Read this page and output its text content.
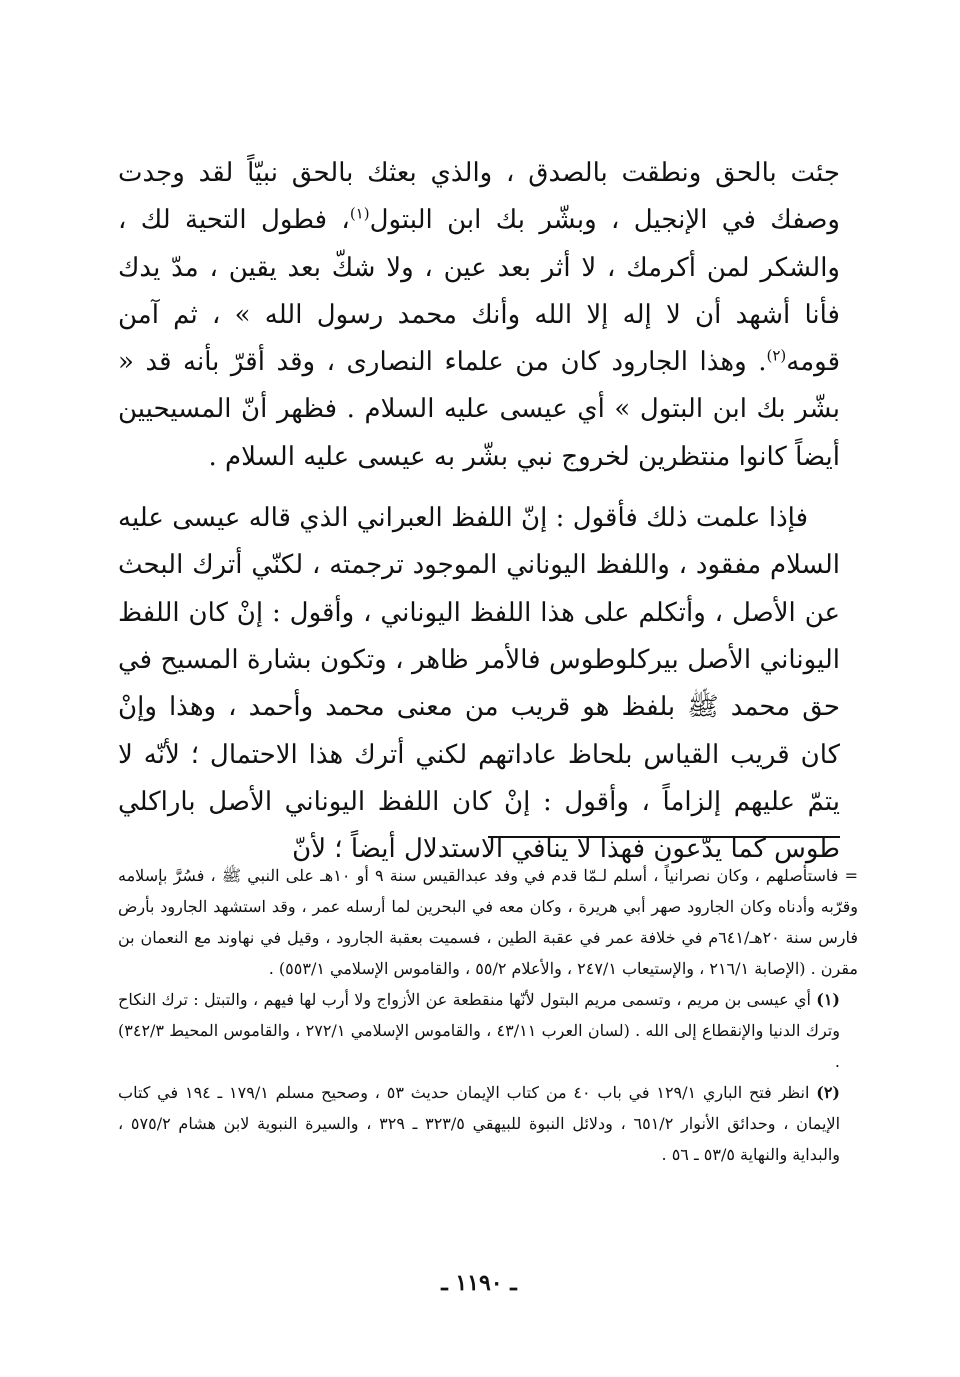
جئت بالحق ونطقت بالصدق ، والذي بعثك بالحق نبيّاً لقد وجدت وصفك في الإنجيل ، وبشّر بك ابن البتول$^{(١)}$، فطول التحية لك ، والشكر لمن أكرمك ، لا أثر بعد عين ، ولا شكّ بعد يقين ، مدّ يدك فأنا أشهد أن لا إله إلا الله وأنك محمد رسول الله » ، ثم آمن قومه$^{(٢)}$. وهذا الجارود كان من علماء النصارى ، وقد أقرّ بأنه قد « بشّر بك ابن البتول » أي عيسى عليه السلام . فظهر أنّ المسيحيين أيضاً كانوا منتظرين لخروج نبي بشّر به عيسى عليه السلام .

فإذا علمت ذلك فأقول : إنّ اللفظ العبراني الذي قاله عيسى عليه السلام مفقود ، واللفظ اليوناني الموجود ترجمته ، لكنّي أترك البحث عن الأصل ، وأتكلم على هذا اللفظ اليوناني ، وأقول : إنْ كان اللفظ اليوناني الأصل بيركلوطوس فالأمر ظاهر ، وتكون بشارة المسيح في حق محمد ﷺ بلفظ هو قريب من معنى محمد وأحمد ، وهذا وإنْ كان قريب القياس بلحاظ عاداتهم لكني أترك هذا الاحتمال ؛ لأنّه لا يتمّ عليهم إلزاماً ، وأقول : إنْ كان اللفظ اليوناني الأصل باراكلي طوس كما يدّعون فهذا لا ينافي الاستدلال أيضاً ؛ لأنّ

= فاستأصلهم ، وكان نصرانياً ، أسلم لـمّا قدم في وفد عبدالقيس سنة ٩ أو ١٠هـ على النبي ﷺ ، فسُرَّ بإسلامه وقرّبه وأدناه وكان الجارود صهر أبي هريرة ، وكان معه في البحرين لما أرسله عمر ، وقد استشهد الجارود بأرض فارس سنة ٢٠هـ/٦٤١م في خلافة عمر في عقبة الطين ، فسميت بعقبة الجارود ، وقيل في نهاوند مع النعمان بن مقرن . (الإصابة ٢١٦/١ ، والإستيعاب ٢٤٧/١ ، والأعلام ٥٥/٢ ، والقاموس الإسلامي ٥٥٣/١) .

(١) أي عيسى بن مريم ، وتسمى مريم البتول لأنّها منقطعة عن الأزواج ولا أرب لها فيهم ، والتبتل : ترك النكاح وترك الدنيا والإنقطاع إلى الله . (لسان العرب ٤٣/١١ ، والقاموس الإسلامي ٢٧٢/١ ، والقاموس المحيط ٣٤٢/٣) .

(٢) انظر فتح الباري ١٢٩/١ في باب ٤٠ من كتاب الإيمان حديث ٥٣ ، وصحيح مسلم ١٧٩/١ ـ ١٩٤ في كتاب الإيمان ، وحدائق الأنوار ٦٥١/٢ ، ودلائل النبوة للبيهقي ٣٢٣/٥ ـ ٣٢٩ ، والسيرة النبوية لابن هشام ٥٧٥/٢ ، والبداية والنهاية ٥٣/٥ ـ ٥٦ .

ـ ١١٩٠ ـ
